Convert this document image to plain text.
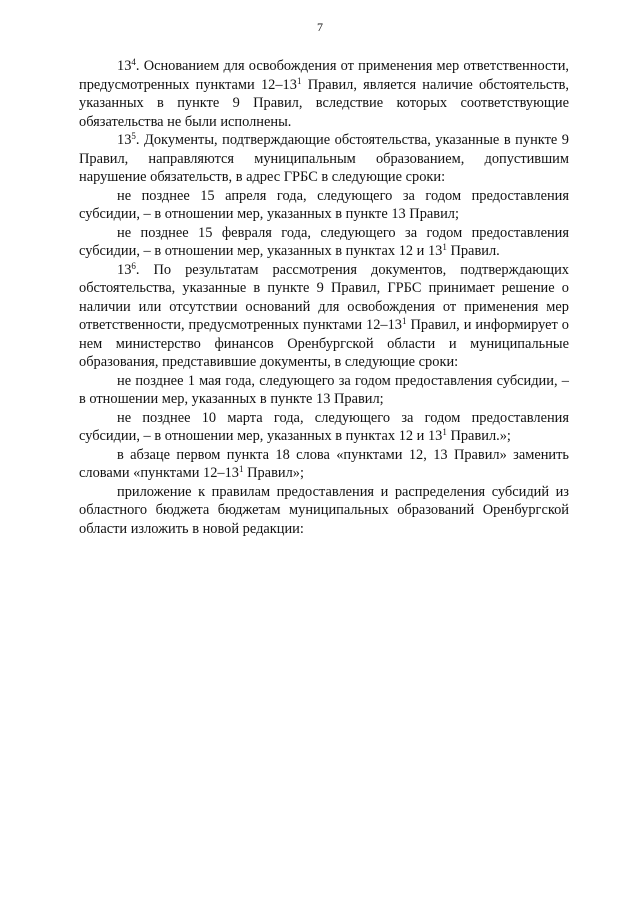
7

$13^4$. Основанием для освобождения от применения мер ответственности, предусмотренных пунктами $12-13^1$ Правил, является наличие обстоятельств, указанных в пункте 9 Правил, вследствие которых соответствующие обязательства не были исполнены.

$13^5$. Документы, подтверждающие обстоятельства, указанные в пункте 9 Правил, направляются муниципальным образованием, допустившим нарушение обязательств, в адрес ГРБС в следующие сроки:

не позднее 15 апреля года, следующего за годом предоставления субсидии, – в отношении мер, указанных в пункте 13 Правил;

не позднее 15 февраля года, следующего за годом предоставления субсидии, – в отношении мер, указанных в пунктах 12 и $13^1$ Правил.

$13^6$. По результатам рассмотрения документов, подтверждающих обстоятельства, указанные в пункте 9 Правил, ГРБС принимает решение о наличии или отсутствии оснований для освобождения от применения мер ответственности, предусмотренных пунктами $12-13^1$ Правил, и информирует о нем министерство финансов Оренбургской области и муниципальные образования, представившие документы, в следующие сроки:

не позднее 1 мая года, следующего за годом предоставления субсидии, – в отношении мер, указанных в пункте 13 Правил;

не позднее 10 марта года, следующего за годом предоставления субсидии, – в отношении мер, указанных в пунктах 12 и $13^1$ Правил.»;

в абзаце первом пункта 18 слова «пунктами 12, 13 Правил» заменить словами «пунктами $12-13^1$ Правил»;

приложение к правилам предоставления и распределения субсидий из областного бюджета бюджетам муниципальных образований Оренбургской области изложить в новой редакции:
